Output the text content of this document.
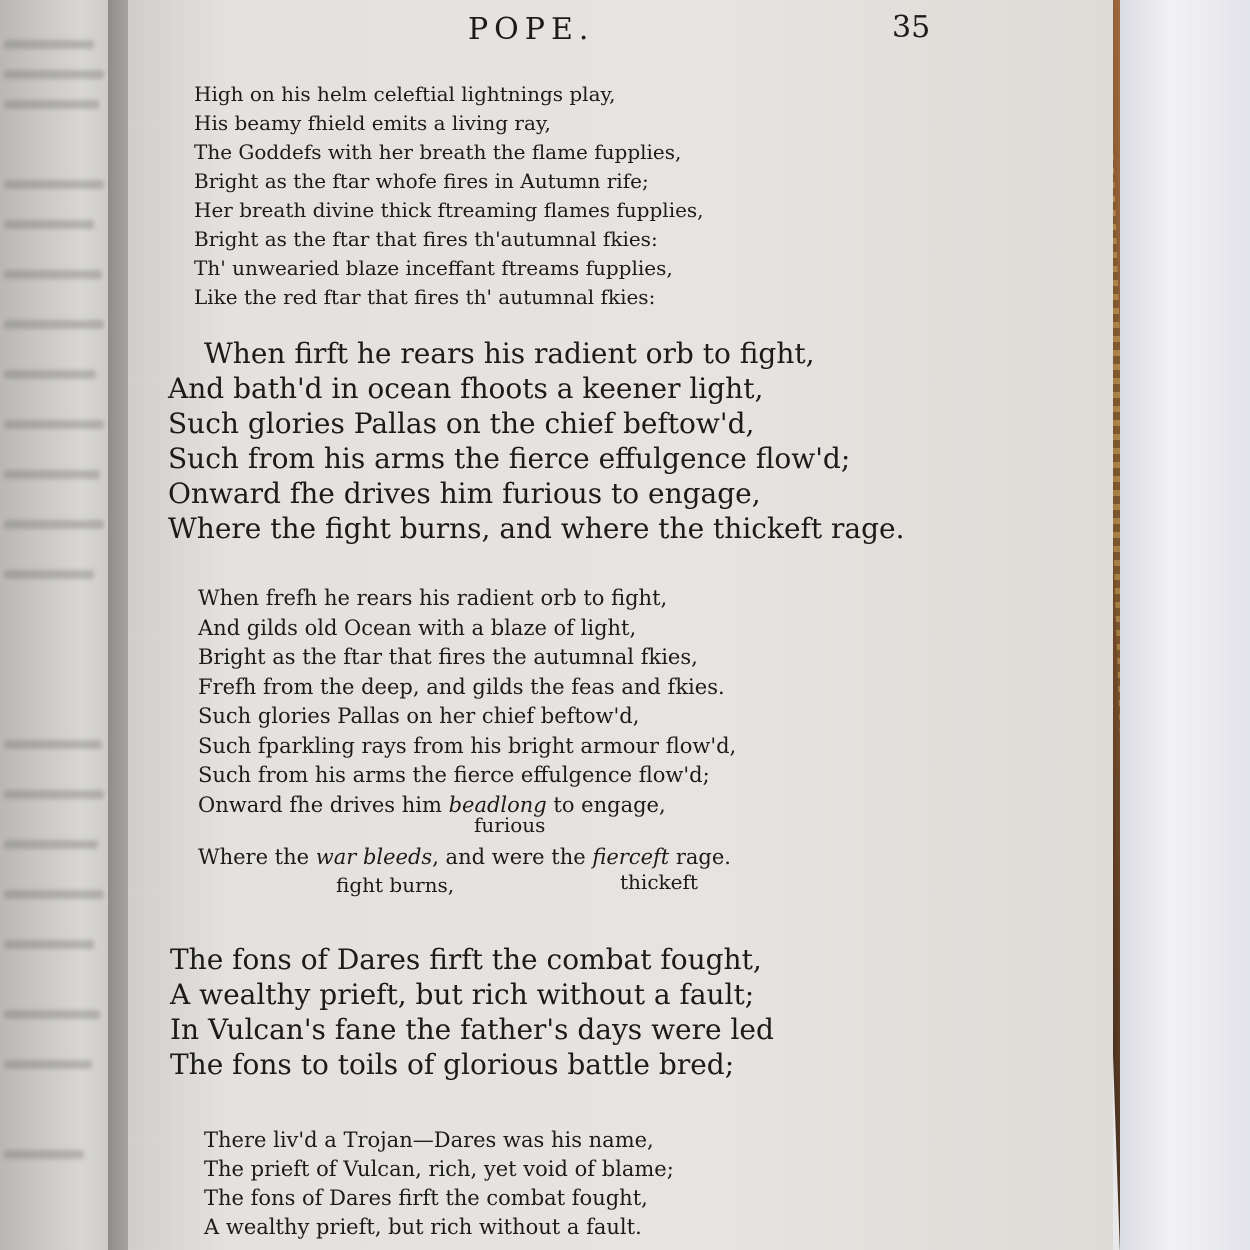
POPE.	35
High on his helm celeftial lightnings play,
His beamy fhield emits a living ray,
The Goddefs with her breath the flame fupplies,
Bright as the ftar whofe fires in Autumn rife;
Her breath divine thick ftreaming flames fupplies,
Bright as the ftar that fires th'autumnal fkies:
Th' unwearied blaze inceffant ftreams fupplies,
Like the red ftar that fires th' autumnal fkies:
When firft he rears his radient orb to fight,
And bath'd in ocean fhoots a keener light,
Such glories Pallas on the chief beftow'd,
Such from his arms the fierce effulgence flow'd;
Onward fhe drives him furious to engage,
Where the fight burns, and where the thickeft rage.
When frefh he rears his radient orb to fight,
And gilds old Ocean with a blaze of light,
Bright as the ftar that fires the autumnal fkies,
Frefh from the deep, and gilds the feas and fkies.
Such glories Pallas on her chief beftow'd,
Such fparkling rays from his bright armour flow'd,
Such from his arms the fierce effulgence flow'd;
Onward fhe drives him beadlong to engage,
furious
Where the war bleeds, and were the fierceft rage.
fight burns,	thickeft
The fons of Dares firft the combat fought,
A wealthy prieft, but rich without a fault;
In Vulcan's fane the father's days were led
The fons to toils of glorious battle bred;
There liv'd a Trojan—Dares was his name,
The prieft of Vulcan, rich, yet void of blame;
The fons of Dares firft the combat fought,
A wealthy prieft, but rich without a fault.
